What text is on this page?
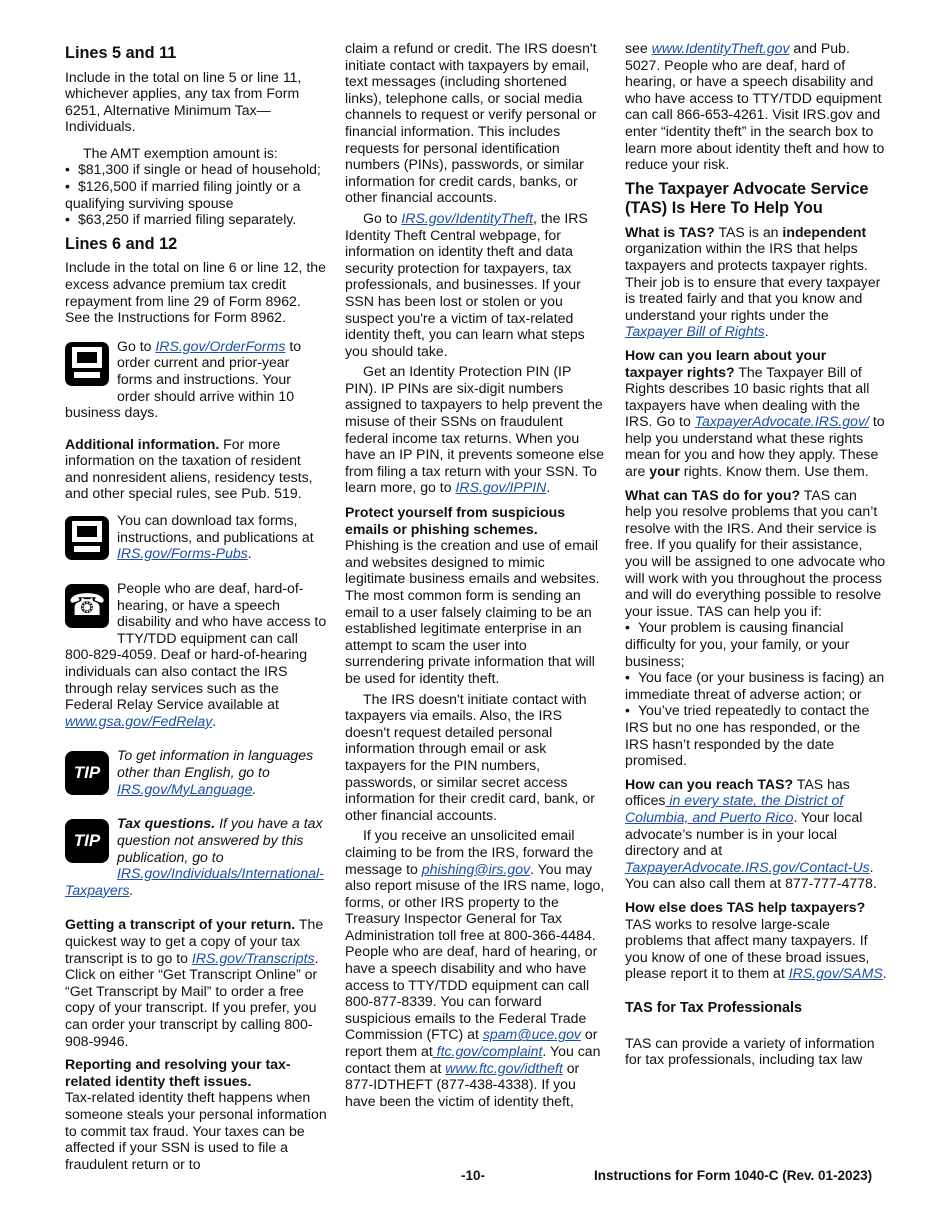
Lines 5 and 11

Include in the total on line 5 or line 11, whichever applies, any tax from Form 6251, Alternative Minimum Tax—Individuals.

The AMT exemption amount is:

• $81,300 if single or head of household;

• $126,500 if married filing jointly or a qualifying surviving spouse

• $63,250 if married filing separately.

Lines 6 and 12

Include in the total on line 6 or line 12, the excess advance premium tax credit repayment from line 29 of Form 8962. See the Instructions for Form 8962.

Go to IRS.gov/OrderForms to order current and prior-year forms and instructions. Your order should arrive within 10 business days.

Additional information. For more information on the taxation of resident and nonresident aliens, residency tests, and other special rules, see Pub. 519.

You can download tax forms, instructions, and publications at IRS.gov/Forms-Pubs.
☎
People who are deaf, hard-of-hearing, or have a speech disability and who have access to TTY/TDD equipment can call 800-829-4059. Deaf or hard-of-hearing individuals can also contact the IRS through relay services such as the Federal Relay Service available at www.gsa.gov/FedRelay.
TIP
To get information in languages other than English, go to IRS.gov/MyLanguage.
TIP
Tax questions. If you have a tax question not answered by this publication, go to IRS.gov/Individuals/International-Taxpayers.

Getting a transcript of your return. The quickest way to get a copy of your tax transcript is to go to IRS.gov/Transcripts. Click on either “Get Transcript Online” or “Get Transcript by Mail” to order a free copy of your transcript. If you prefer, you can order your transcript by calling 800-908-9946.

Reporting and resolving your tax-related identity theft issues.
Tax-related identity theft happens when someone steals your personal information to commit tax fraud. Your taxes can be affected if your SSN is used to file a fraudulent return or to

claim a refund or credit. The IRS doesn't initiate contact with taxpayers by email, text messages (including shortened links), telephone calls, or social media channels to request or verify personal or financial information. This includes requests for personal identification numbers (PINs), passwords, or similar information for credit cards, banks, or other financial accounts.

Go to IRS.gov/IdentityTheft, the IRS Identity Theft Central webpage, for information on identity theft and data security protection for taxpayers, tax professionals, and businesses. If your SSN has been lost or stolen or you suspect you're a victim of tax-related identity theft, you can learn what steps you should take.

Get an Identity Protection PIN (IP PIN). IP PINs are six-digit numbers assigned to taxpayers to help prevent the misuse of their SSNs on fraudulent federal income tax returns. When you have an IP PIN, it prevents someone else from filing a tax return with your SSN. To learn more, go to IRS.gov/IPPIN.

Protect yourself from suspicious emails or phishing schemes.
Phishing is the creation and use of email and websites designed to mimic legitimate business emails and websites. The most common form is sending an email to a user falsely claiming to be an established legitimate enterprise in an attempt to scam the user into surrendering private information that will be used for identity theft.

The IRS doesn't initiate contact with taxpayers via emails. Also, the IRS doesn't request detailed personal information through email or ask taxpayers for the PIN numbers, passwords, or similar secret access information for their credit card, bank, or other financial accounts.

If you receive an unsolicited email claiming to be from the IRS, forward the message to phishing@irs.gov. You may also report misuse of the IRS name, logo, forms, or other IRS property to the Treasury Inspector General for Tax Administration toll free at 800-366-4484. People who are deaf, hard of hearing, or have a speech disability and who have access to TTY/TDD equipment can call 800-877-8339. You can forward suspicious emails to the Federal Trade Commission (FTC) at spam@uce.gov or report them at ftc.gov/complaint. You can contact them at www.ftc.gov/idtheft or 877-IDTHEFT (877-438-4338). If you have been the victim of identity theft,

see www.IdentityTheft.gov and Pub. 5027. People who are deaf, hard of hearing, or have a speech disability and who have access to TTY/TDD equipment can call 866-653-4261. Visit IRS.gov and enter “identity theft” in the search box to learn more about identity theft and how to reduce your risk.

The Taxpayer Advocate Service (TAS) Is Here To Help You

What is TAS? TAS is an independent organization within the IRS that helps taxpayers and protects taxpayer rights. Their job is to ensure that every taxpayer is treated fairly and that you know and understand your rights under the Taxpayer Bill of Rights.

How can you learn about your taxpayer rights? The Taxpayer Bill of Rights describes 10 basic rights that all taxpayers have when dealing with the IRS. Go to TaxpayerAdvocate.IRS.gov/ to help you understand what these rights mean for you and how they apply. These are your rights. Know them. Use them.

What can TAS do for you? TAS can help you resolve problems that you can’t resolve with the IRS. And their service is free. If you qualify for their assistance, you will be assigned to one advocate who will work with you throughout the process and will do everything possible to resolve your issue. TAS can help you if:

• Your problem is causing financial difficulty for you, your family, or your business;

• You face (or your business is facing) an immediate threat of adverse action; or

• You’ve tried repeatedly to contact the IRS but no one has responded, or the IRS hasn’t responded by the date promised.

How can you reach TAS? TAS has offices in every state, the District of Columbia, and Puerto Rico. Your local advocate’s number is in your local directory and at TaxpayerAdvocate.IRS.gov/Contact-Us. You can also call them at 877-777-4778.

How else does TAS help taxpayers? TAS works to resolve large-scale problems that affect many taxpayers. If you know of one of these broad issues, please report it to them at IRS.gov/SAMS.

TAS for Tax Professionals

TAS can provide a variety of information for tax professionals, including tax law

-10-	Instructions for Form 1040-C (Rev. 01-2023)
